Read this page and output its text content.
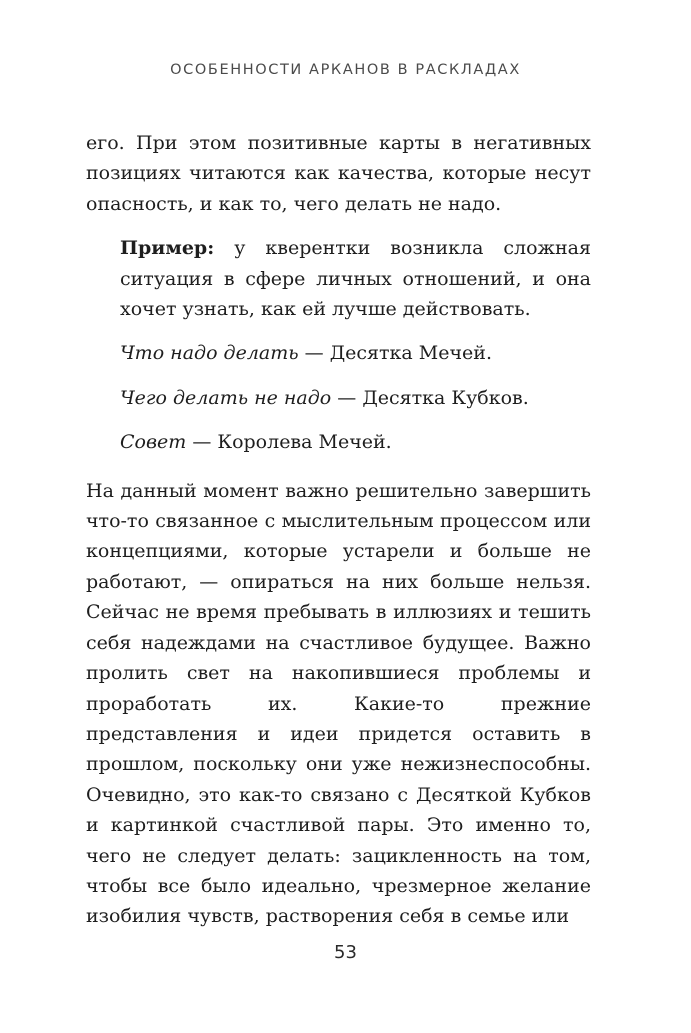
ОСОБЕННОСТИ АРКАНОВ В РАСКЛАДАХ

его. При этом позитивные карты в негативных позициях читаются как качества, которые несут опасность, и как то, чего делать не надо.

Пример: у кверентки возникла сложная ситуация в сфере личных отношений, и она хочет узнать, как ей лучше действовать.

Что надо делать — Десятка Мечей.

Чего делать не надо — Десятка Кубков.

Совет — Королева Мечей.

На данный момент важно решительно завершить что-то связанное с мыслительным процессом или концепциями, которые устарели и больше не работают, — опираться на них больше нельзя. Сейчас не время пребывать в иллюзиях и тешить себя надеждами на счастливое будущее. Важно пролить свет на накопившиеся проблемы и проработать их. Какие-то прежние представления и идеи придется оставить в прошлом, поскольку они уже нежизнеспособны. Очевидно, это как-то связано с Десяткой Кубков и картинкой счастливой пары. Это именно то, чего не следует делать: зацикленность на том, чтобы все было идеально, чрезмерное желание изобилия чувств, растворения себя в семье или

53
